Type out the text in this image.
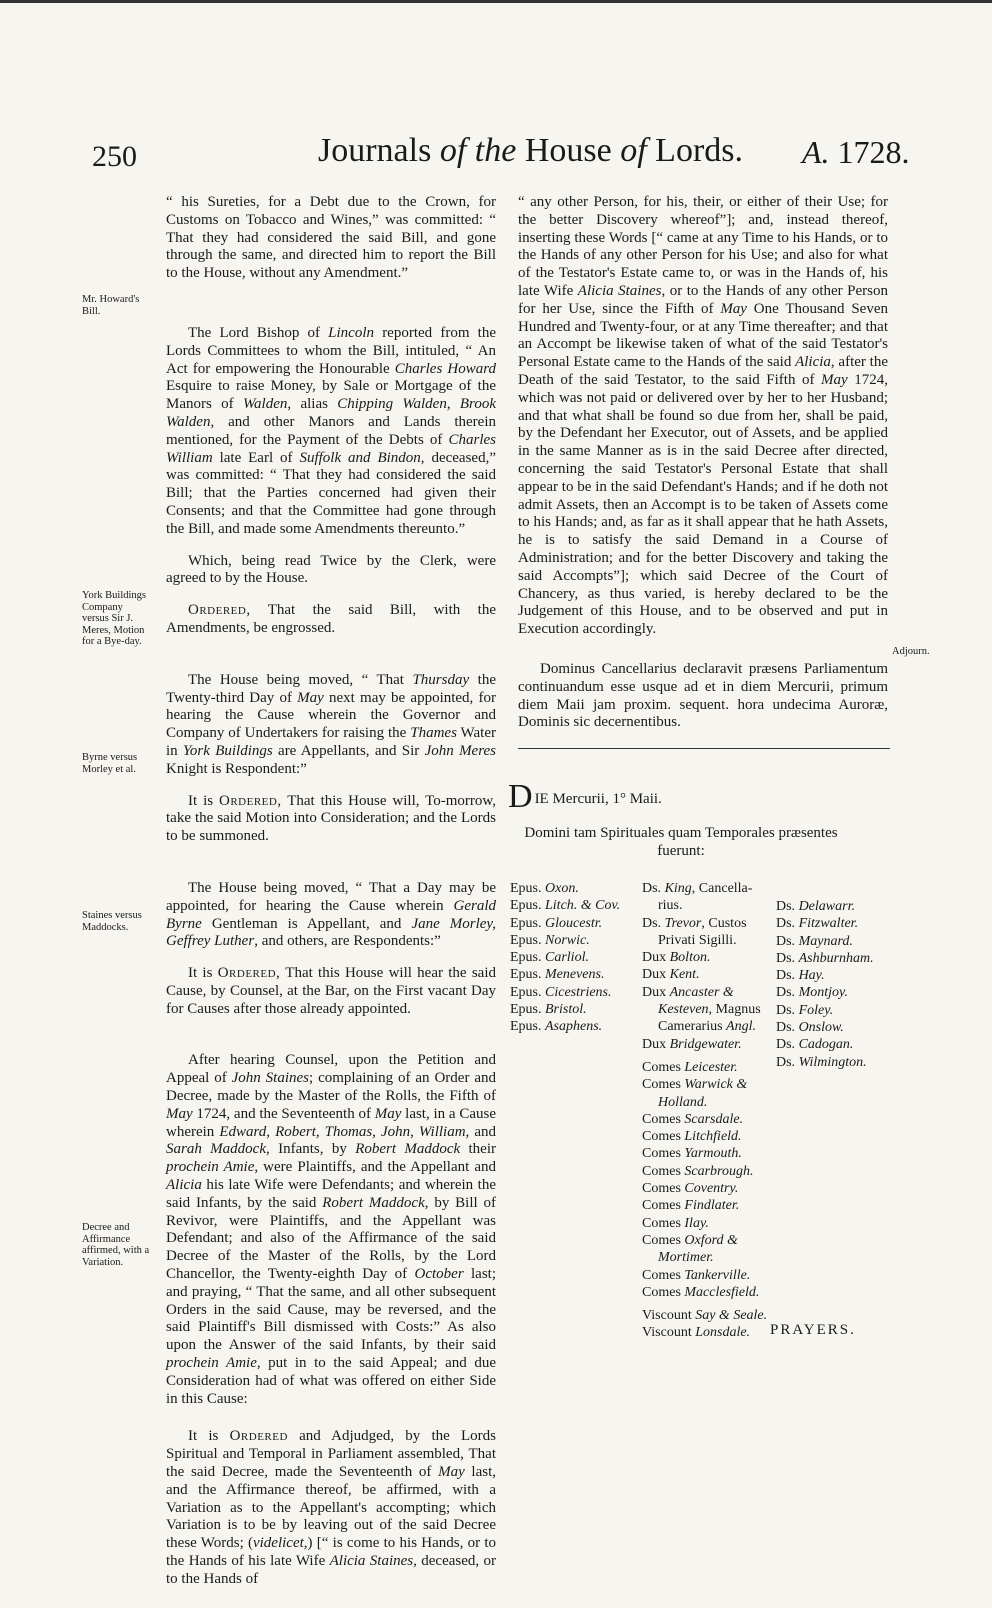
250	Journals of the House of Lords. A. 1728.
Mr. Howard's Bill.
York Buildings Company versus Sir J. Meres, Motion for a Bye-day.
Byrne versus Morley et al.
Staines versus Maddocks.
Decree and Affirmance affirmed, with a Variation.
Adjourn.

“ his Sureties, for a Debt due to the Crown, for Customs on Tobacco and Wines,” was committed: “ That they had considered the said Bill, and gone through the same, and directed him to report the Bill to the House, without any Amendment.”

The Lord Bishop of Lincoln reported from the Lords Committees to whom the Bill, intituled, “ An Act for empowering the Honourable Charles Howard Esquire to raise Money, by Sale or Mortgage of the Manors of Walden, alias Chipping Walden, Brook Walden, and other Manors and Lands therein mentioned, for the Payment of the Debts of Charles William late Earl of Suffolk and Bindon, deceased,” was committed: “ That they had considered the said Bill; that the Parties concerned had given their Consents; and that the Committee had gone through the Bill, and made some Amendments thereunto.”

Which, being read Twice by the Clerk, were agreed to by the House.

Ordered, That the said Bill, with the Amendments, be engrossed.

The House being moved, “ That Thursday the Twenty-third Day of May next may be appointed, for hearing the Cause wherein the Governor and Company of Undertakers for raising the Thames Water in York Buildings are Appellants, and Sir John Meres Knight is Respondent:”

It is Ordered, That this House will, To-morrow, take the said Motion into Consideration; and the Lords to be summoned.

The House being moved, “ That a Day may be appointed, for hearing the Cause wherein Gerald Byrne Gentleman is Appellant, and Jane Morley, Geffrey Luther, and others, are Respondents:”

It is Ordered, That this House will hear the said Cause, by Counsel, at the Bar, on the First vacant Day for Causes after those already appointed.

After hearing Counsel, upon the Petition and Appeal of John Staines; complaining of an Order and Decree, made by the Master of the Rolls, the Fifth of May 1724, and the Seventeenth of May last, in a Cause wherein Edward, Robert, Thomas, John, William, and Sarah Maddock, Infants, by Robert Maddock their prochein Amie, were Plaintiffs, and the Appellant and Alicia his late Wife were Defendants; and wherein the said Infants, by the said Robert Maddock, by Bill of Revivor, were Plaintiffs, and the Appellant was Defendant; and also of the Affirmance of the said Decree of the Master of the Rolls, by the Lord Chancellor, the Twenty-eighth Day of October last; and praying, “ That the same, and all other subsequent Orders in the said Cause, may be reversed, and the said Plaintiff's Bill dismissed with Costs:” As also upon the Answer of the said Infants, by their said prochein Amie, put in to the said Appeal; and due Consideration had of what was offered on either Side in this Cause:

It is Ordered and Adjudged, by the Lords Spiritual and Temporal in Parliament assembled, That the said Decree, made the Seventeenth of May last, and the Affirmance thereof, be affirmed, with a Variation as to the Appellant's accompting; which Variation is to be by leaving out of the said Decree these Words; (videlicet,) [“ is come to his Hands, or to the Hands of his late Wife Alicia Staines, deceased, or to the Hands of

“ any other Person, for his, their, or either of their Use; for the better Discovery whereof”]; and, instead thereof, inserting these Words [“ came at any Time to his Hands, or to the Hands of any other Person for his Use; and also for what of the Testator's Estate came to, or was in the Hands of, his late Wife Alicia Staines, or to the Hands of any other Person for her Use, since the Fifth of May One Thousand Seven Hundred and Twenty-four, or at any Time thereafter; and that an Accompt be likewise taken of what of the said Testator's Personal Estate came to the Hands of the said Alicia, after the Death of the said Testator, to the said Fifth of May 1724, which was not paid or delivered over by her to her Husband; and that what shall be found so due from her, shall be paid, by the Defendant her Executor, out of Assets, and be applied in the same Manner as is in the said Decree after directed, concerning the said Testator's Personal Estate that shall appear to be in the said Defendant's Hands; and if he doth not admit Assets, then an Accompt is to be taken of Assets come to his Hands; and, as far as it shall appear that he hath Assets, he is to satisfy the said Demand in a Course of Administration; and for the better Discovery and taking the said Accompts”]; which said Decree of the Court of Chancery, as thus varied, is hereby declared to be the Judgement of this House, and to be observed and put in Execution accordingly.

Dominus Cancellarius declaravit præsens Parliamentum continuandum esse usque ad et in diem Mercurii, primum diem Maii jam proxim. sequent. hora undecima Auroræ, Dominis sic decernentibus.

D IE Mercurii, 1° Maii.
Domini tam Spirituales quam Temporales præsentes fuerunt:
Epus. Oxon.
Epus. Litch. & Cov.
Epus. Gloucestr.
Epus. Norwic.
Epus. Carliol.
Epus. Menevens.
Epus. Cicestriens.
Epus. Bristol.
Epus. Asaphens.
Ds. King, Cancella-
rius.
Ds. Trevor, Custos
Privati Sigilli.
Dux Bolton.
Dux Kent.
Dux Ancaster &
Kesteven, Magnus
Camerarius Angl.
Dux Bridgewater.
Comes Leicester.
Comes Warwick &
Holland.
Comes Scarsdale.
Comes Litchfield.
Comes Yarmouth.
Comes Scarbrough.
Comes Coventry.
Comes Findlater.
Comes Ilay.
Comes Oxford &
Mortimer.
Comes Tankerville.
Comes Macclesfield.
Viscount Say & Seale.
Viscount Lonsdale.
Ds. Delawarr.
Ds. Fitzwalter.
Ds. Maynard.
Ds. Ashburnham.
Ds. Hay.
Ds. Montjoy.
Ds. Foley.
Ds. Onslow.
Ds. Cadogan.
Ds. Wilmington.
PRAYERS.
